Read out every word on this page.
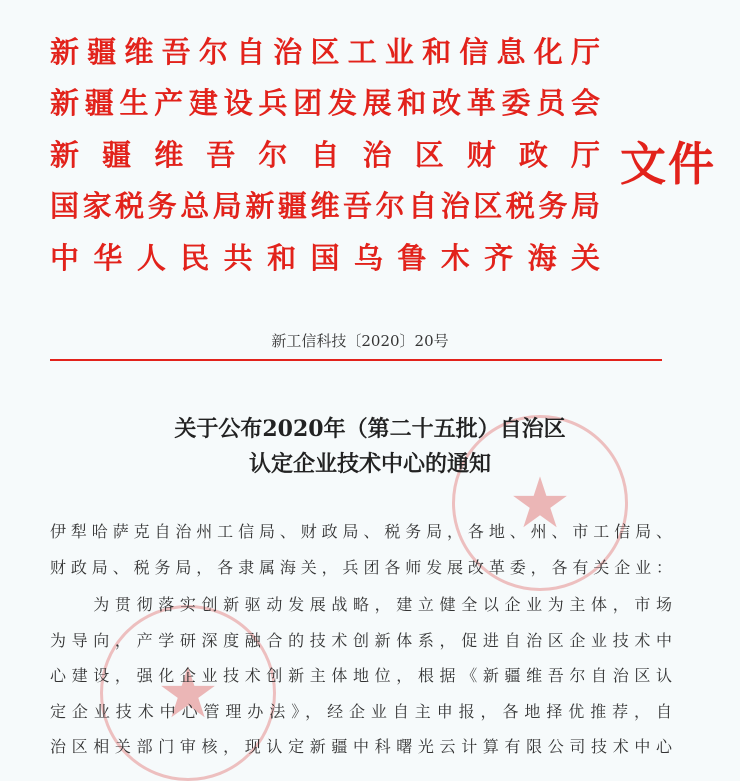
★
★
新疆维吾尔自治区工业和信息化厅
新疆生产建设兵团发展和改革委员会
新疆维吾尔自治区财政厅
国家税务总局新疆维吾尔自治区税务局
中华人民共和国乌鲁木齐海关
文件
新工信科技〔2020〕20号
关于公布2020年（第二十五批）自治区
认定企业技术中心的通知
伊犁哈萨克自治州工信局、财政局、税务局，各地、州、市工信局、
财政局、税务局，各隶属海关，兵团各师发展改革委，各有关企业：
　　为贯彻落实创新驱动发展战略，建立健全以企业为主体，市场
为导向，产学研深度融合的技术创新体系，促进自治区企业技术中
心建设，强化企业技术创新主体地位，根据《新疆维吾尔自治区认
定企业技术中心管理办法》，经企业自主申报，各地择优推荐，自
治区相关部门审核，现认定新疆中科曙光云计算有限公司技术中心
